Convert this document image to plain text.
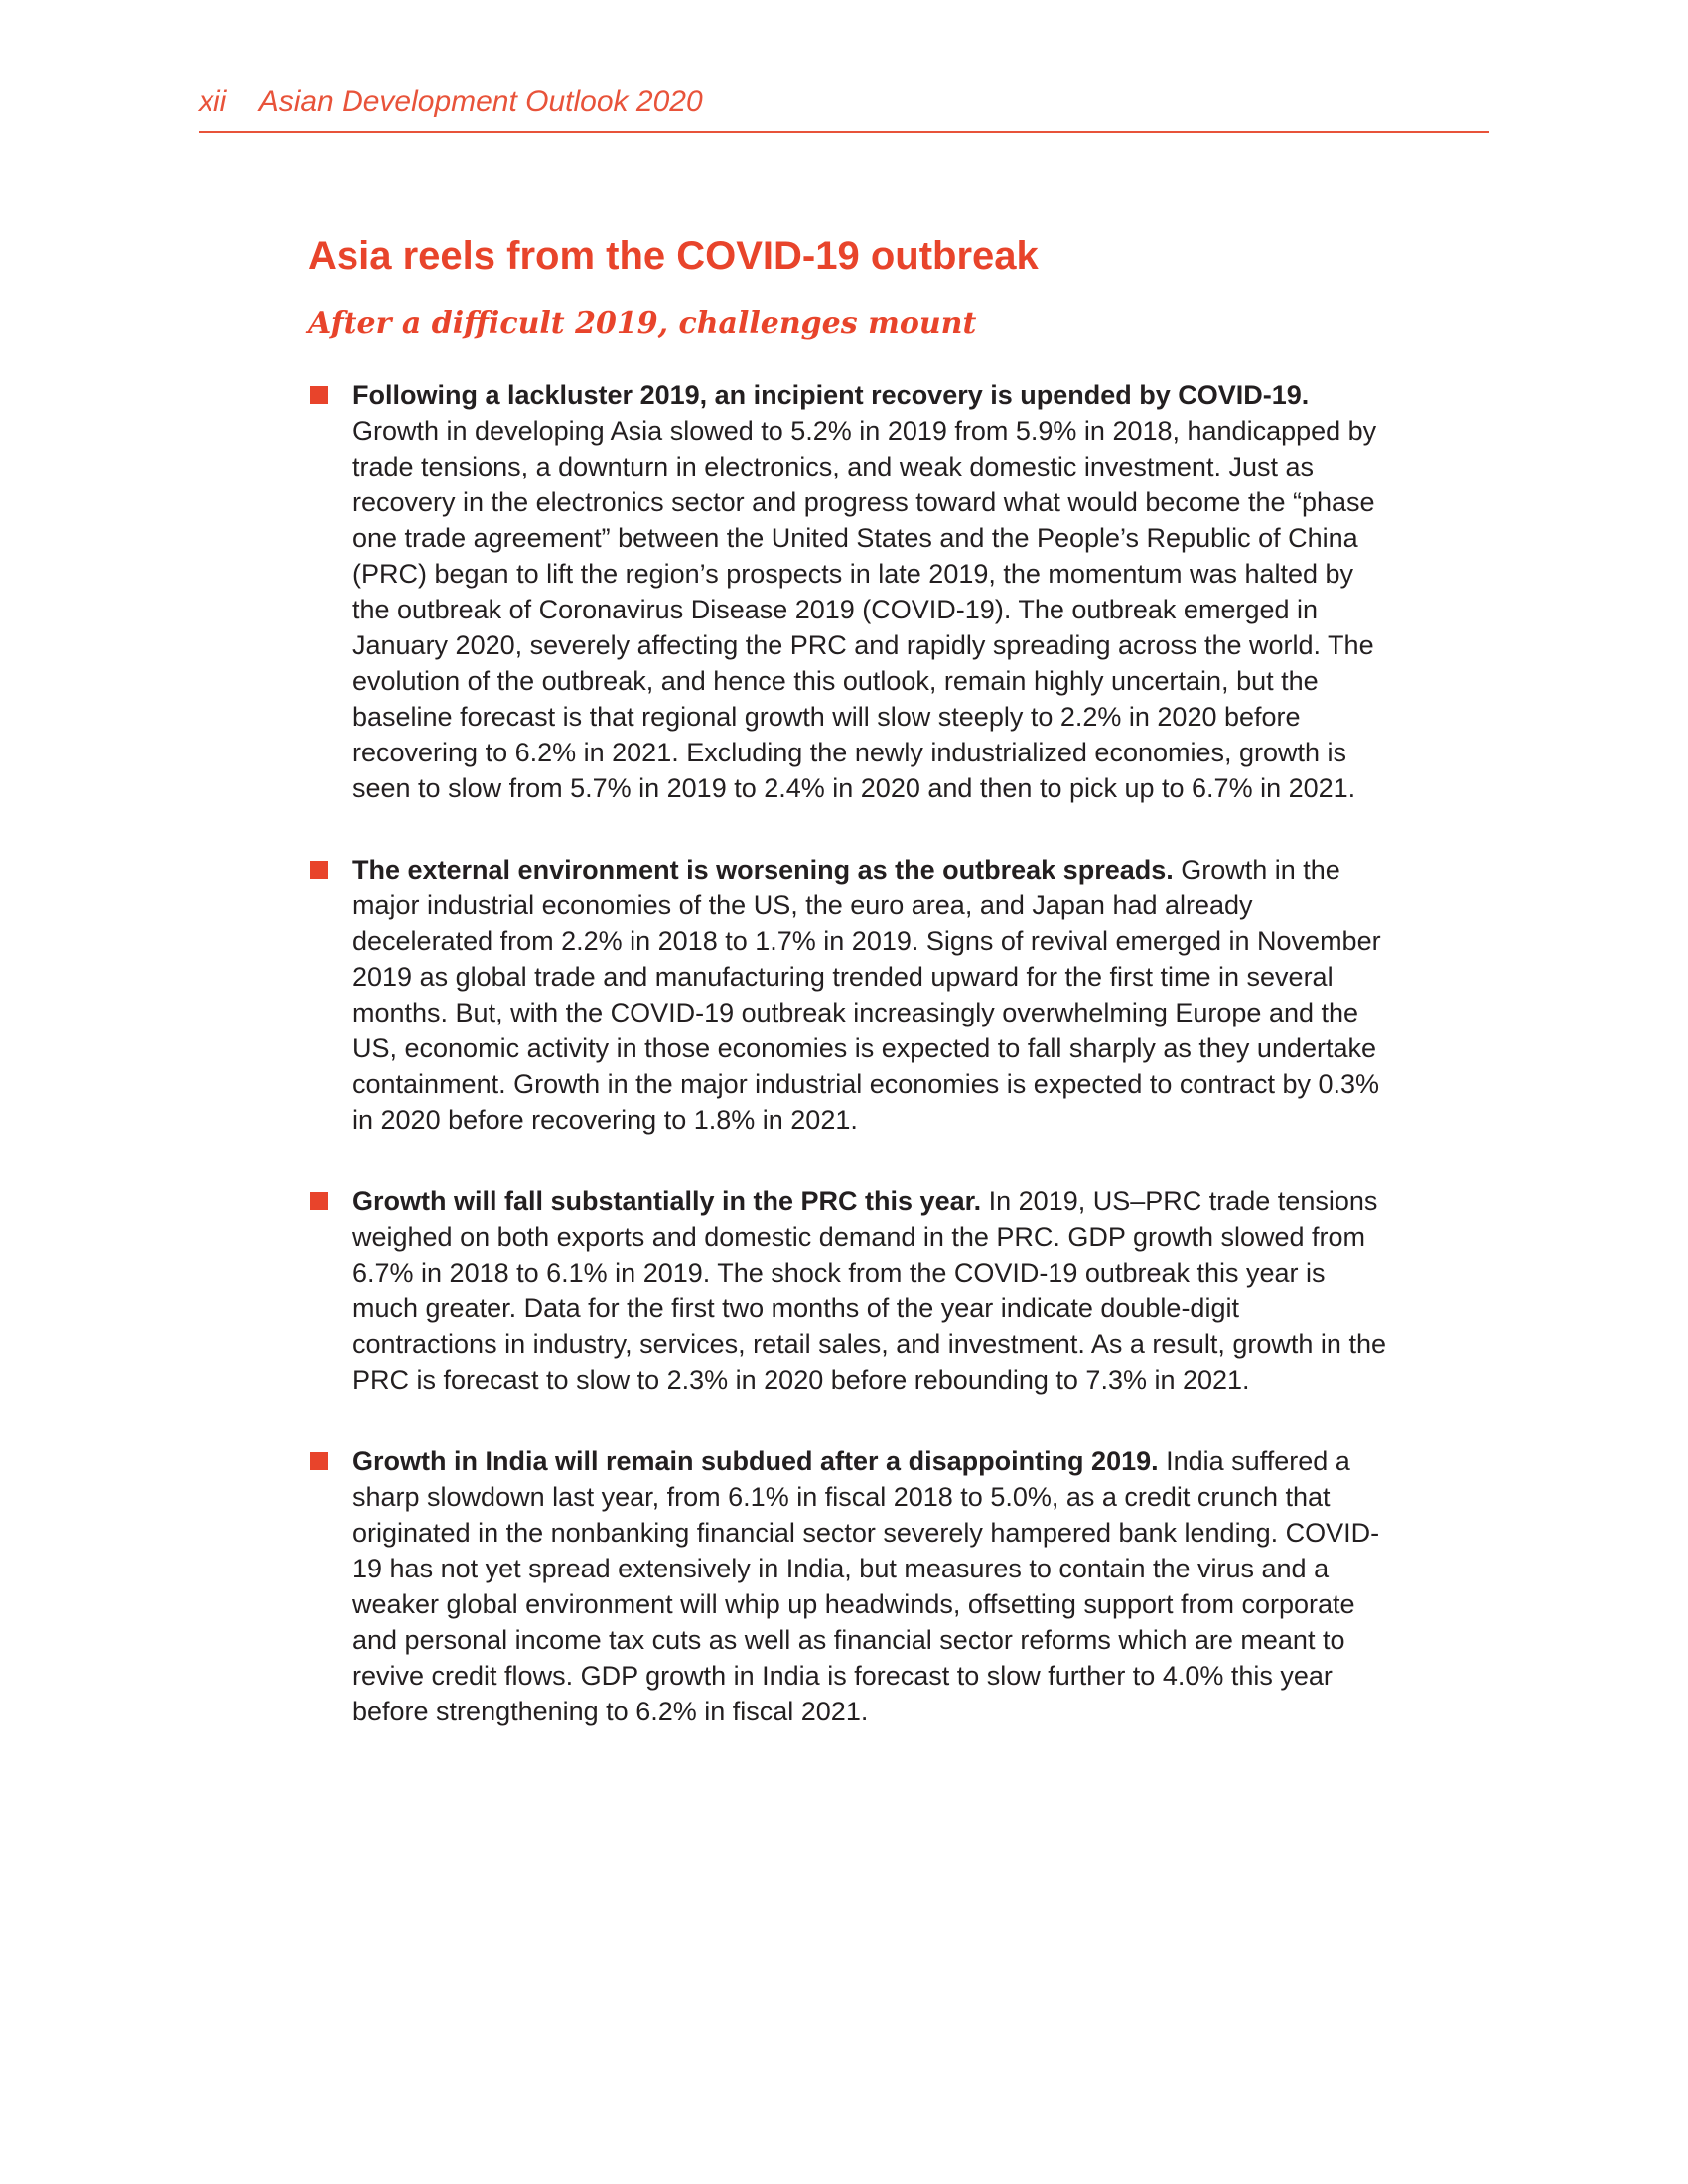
xii Asian Development Outlook 2020
Asia reels from the COVID-19 outbreak
After a difficult 2019, challenges mount
Following a lackluster 2019, an incipient recovery is upended by COVID-19. Growth in developing Asia slowed to 5.2% in 2019 from 5.9% in 2018, handicapped by trade tensions, a downturn in electronics, and weak domestic investment. Just as recovery in the electronics sector and progress toward what would become the “phase one trade agreement” between the United States and the People’s Republic of China (PRC) began to lift the region’s prospects in late 2019, the momentum was halted by the outbreak of Coronavirus Disease 2019 (COVID-19). The outbreak emerged in January 2020, severely affecting the PRC and rapidly spreading across the world. The evolution of the outbreak, and hence this outlook, remain highly uncertain, but the baseline forecast is that regional growth will slow steeply to 2.2% in 2020 before recovering to 6.2% in 2021. Excluding the newly industrialized economies, growth is seen to slow from 5.7% in 2019 to 2.4% in 2020 and then to pick up to 6.7% in 2021.
The external environment is worsening as the outbreak spreads. Growth in the major industrial economies of the US, the euro area, and Japan had already decelerated from 2.2% in 2018 to 1.7% in 2019. Signs of revival emerged in November 2019 as global trade and manufacturing trended upward for the first time in several months. But, with the COVID-19 outbreak increasingly overwhelming Europe and the US, economic activity in those economies is expected to fall sharply as they undertake containment. Growth in the major industrial economies is expected to contract by 0.3% in 2020 before recovering to 1.8% in 2021.
Growth will fall substantially in the PRC this year. In 2019, US–PRC trade tensions weighed on both exports and domestic demand in the PRC. GDP growth slowed from 6.7% in 2018 to 6.1% in 2019. The shock from the COVID-19 outbreak this year is much greater. Data for the first two months of the year indicate double-digit contractions in industry, services, retail sales, and investment. As a result, growth in the PRC is forecast to slow to 2.3% in 2020 before rebounding to 7.3% in 2021.
Growth in India will remain subdued after a disappointing 2019. India suffered a sharp slowdown last year, from 6.1% in fiscal 2018 to 5.0%, as a credit crunch that originated in the nonbanking financial sector severely hampered bank lending. COVID-19 has not yet spread extensively in India, but measures to contain the virus and a weaker global environment will whip up headwinds, offsetting support from corporate and personal income tax cuts as well as financial sector reforms which are meant to revive credit flows. GDP growth in India is forecast to slow further to 4.0% this year before strengthening to 6.2% in fiscal 2021.
